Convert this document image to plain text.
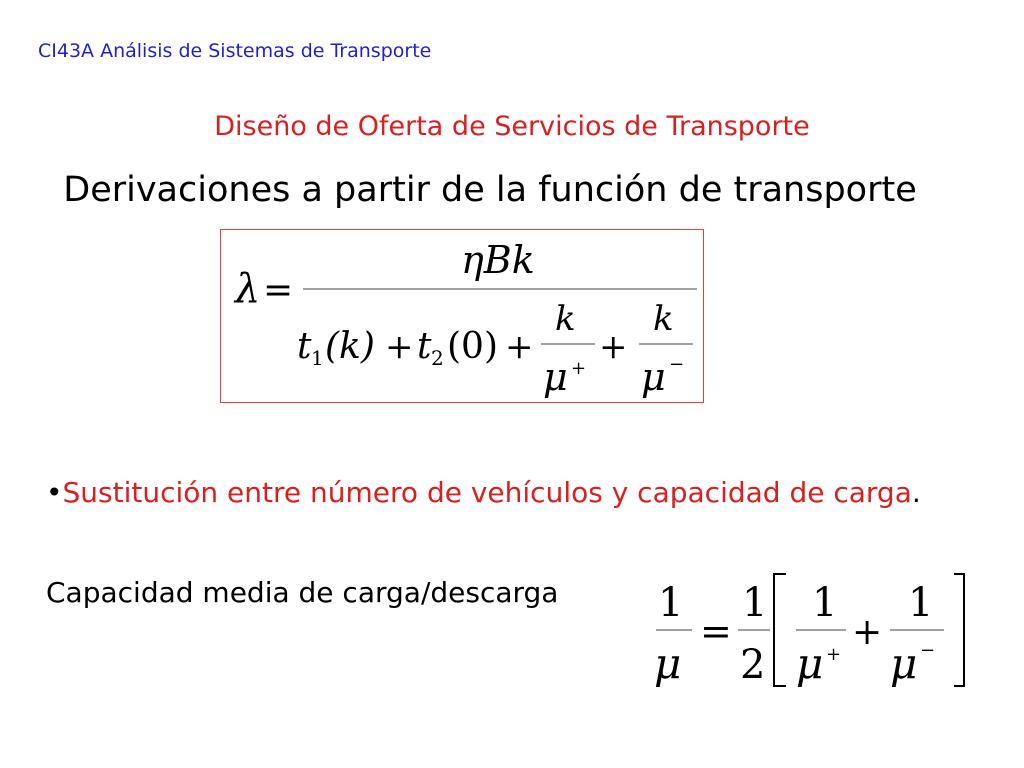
CI43A Análisis de Sistemas de Transporte
Diseño de Oferta de Servicios de Transporte
Derivaciones a partir de la función de transporte
λ =
ηBk
t 1 (k) + t 2 (0) +
k
μ +
+
k
μ −
•Sustitución entre número de vehículos y capacidad de carga.
Capacidad media de carga/descarga 1
μ
=
1
2
1
μ +
+
1
μ −
